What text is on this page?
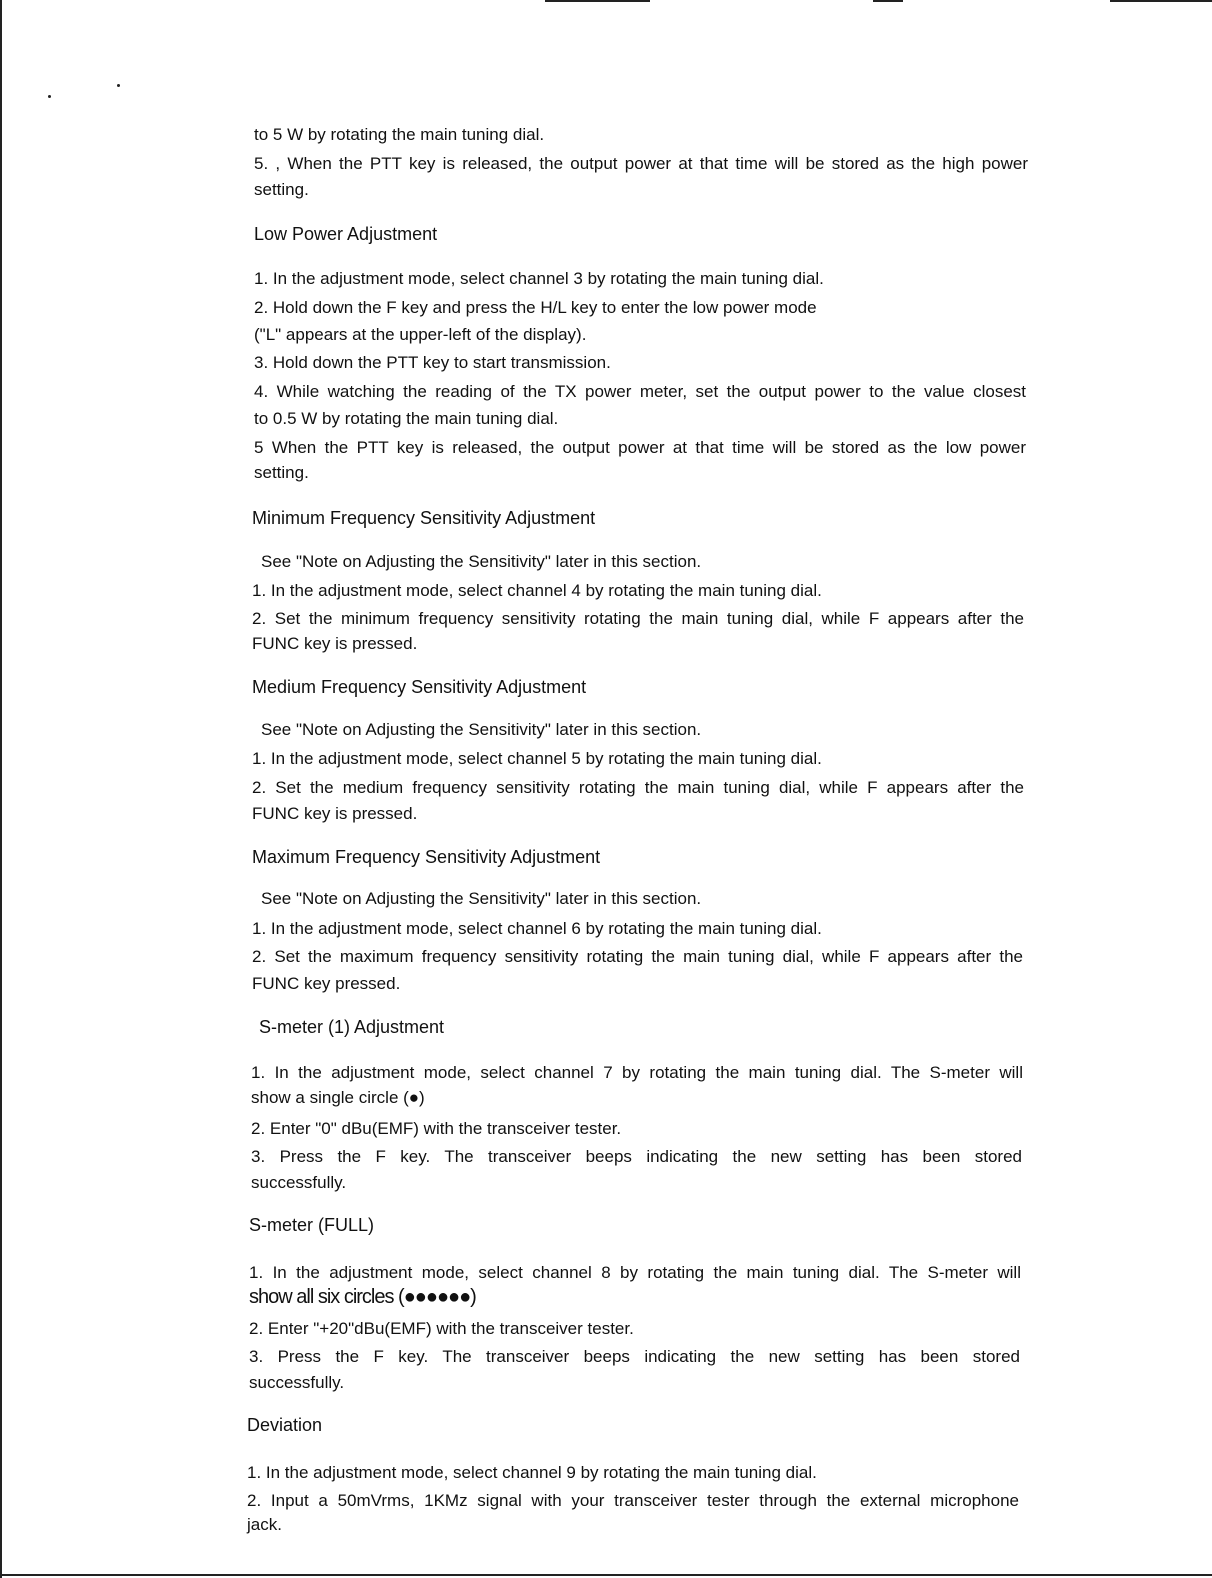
to 5 W by rotating the main tuning dial.
5. , When the PTT key is released, the output power at that time will be stored as the high power
setting.
Low Power Adjustment
1. In the adjustment mode, select channel 3 by rotating the main tuning dial.
2. Hold down the F key and press the H/L key to enter the low power mode
("L" appears at the upper-left of the display).
3. Hold down the PTT key to start transmission.
4. While watching the reading of the TX power meter, set the output power to the value closest
to 0.5 W by rotating the main tuning dial.
5 When the PTT key is released, the output power at that time will be stored as the low power
setting.
Minimum Frequency Sensitivity Adjustment
See "Note on Adjusting the Sensitivity" later in this section.
1. In the adjustment mode, select channel 4 by rotating the main tuning dial.
2. Set the minimum frequency sensitivity rotating the main tuning dial, while F appears after the
FUNC key is pressed.
Medium Frequency Sensitivity Adjustment
See "Note on Adjusting the Sensitivity" later in this section.
1. In the adjustment mode, select channel 5 by rotating the main tuning dial.
2. Set the medium frequency sensitivity rotating the main tuning dial, while F appears after the
FUNC key is pressed.
Maximum Frequency Sensitivity Adjustment
See "Note on Adjusting the Sensitivity" later in this section.
1. In the adjustment mode, select channel 6 by rotating the main tuning dial.
2. Set the maximum frequency sensitivity rotating the main tuning dial, while F appears after the
FUNC key pressed.
S-meter (1) Adjustment
1. In the adjustment mode, select channel 7 by rotating the main tuning dial. The S-meter will
show a single circle (●)
2. Enter "0" dBu(EMF) with the transceiver tester.
3. Press the F key. The transceiver beeps indicating the new setting has been stored
successfully.
S-meter (FULL)
1. In the adjustment mode, select channel 8 by rotating the main tuning dial. The S-meter will
show all six circles (●●●●●●)
2. Enter "+20"dBu(EMF) with the transceiver tester.
3. Press the F key. The transceiver beeps indicating the new setting has been stored
successfully.
Deviation
1. In the adjustment mode, select channel 9 by rotating the main tuning dial.
2. Input a 50mVrms, 1KMz signal with your transceiver tester through the external microphone
jack.
